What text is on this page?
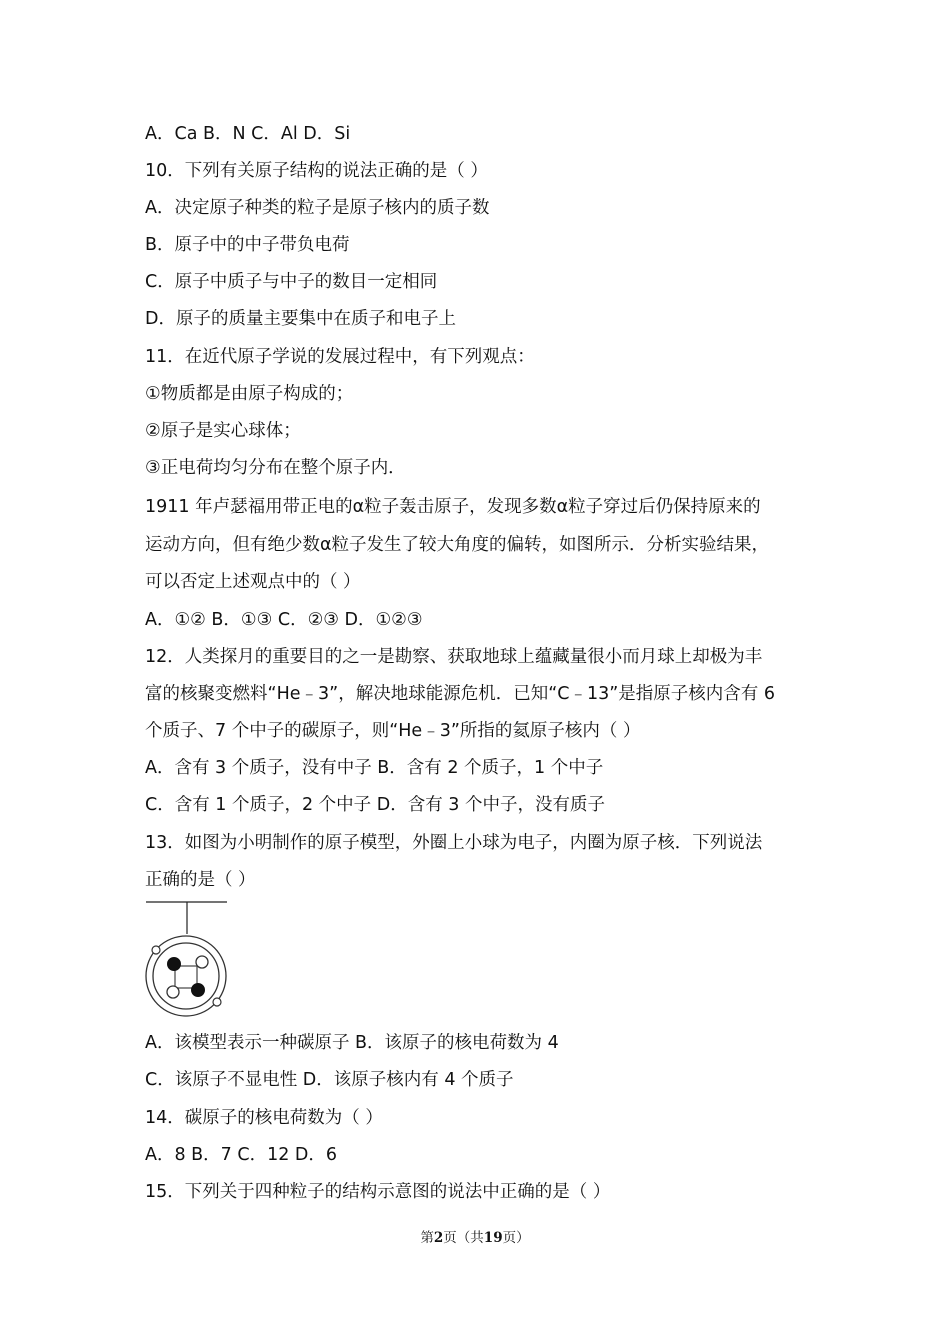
A．Ca B．N C．Al D．Si
10．下列有关原子结构的说法正确的是（ ）
A．决定原子种类的粒子是原子核内的质子数
B．原子中的中子带负电荷
C．原子中质子与中子的数目一定相同
D．原子的质量主要集中在质子和电子上
11．在近代原子学说的发展过程中，有下列观点：
①物质都是由原子构成的；
②原子是实心球体；
③正电荷均匀分布在整个原子内．
1911 年卢瑟福用带正电的α粒子轰击原子，发现多数α粒子穿过后仍保持原来的
运动方向，但有绝少数α粒子发生了较大角度的偏转，如图所示．分析实验结果，
可以否定上述观点中的（ ）
A．①② B．①③ C．②③ D．①②③
12．人类探月的重要目的之一是勘察、获取地球上蕴藏量很小而月球上却极为丰
富的核聚变燃料“He﹣3”，解决地球能源危机．已知“C﹣13”是指原子核内含有 6
个质子、7 个中子的碳原子，则“He﹣3”所指的氦原子核内（ ）
A．含有 3 个质子，没有中子 B．含有 2 个质子，1 个中子
C．含有 1 个质子，2 个中子 D．含有 3 个中子，没有质子
13．如图为小明制作的原子模型，外圈上小球为电子，内圈为原子核．下列说法
正确的是（ ）
A．该模型表示一种碳原子 B．该原子的核电荷数为 4
C．该原子不显电性 D．该原子核内有 4 个质子
14．碳原子的核电荷数为（ ）
A．8 B．7 C．12 D．6
15．下列关于四种粒子的结构示意图的说法中正确的是（ ）
第2页（共19页）
